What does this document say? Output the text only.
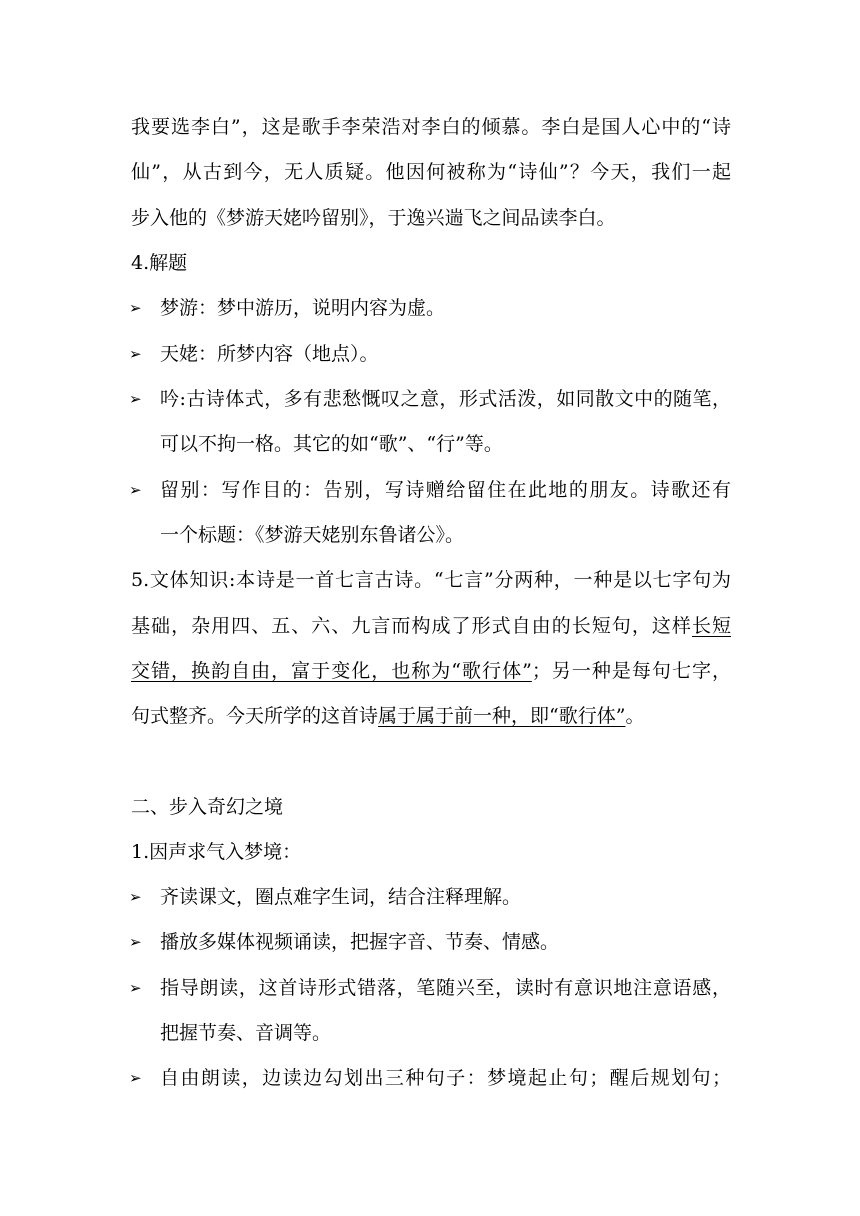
我要选李白”，这是歌手李荣浩对李白的倾慕。李白是国人心中的“诗
仙”，从古到今，无人质疑。他因何被称为“诗仙”？今天，我们一起
步入他的《梦游天姥吟留别》，于逸兴遄飞之间品读李白。
4.解题
➢ 梦游：梦中游历，说明内容为虚。
➢ 天姥：所梦内容（地点）。
➢ 吟:古诗体式，多有悲愁慨叹之意，形式活泼，如同散文中的随笔，
可以不拘一格。其它的如“歌”、“行”等。
➢ 留别：写作目的：告别，写诗赠给留住在此地的朋友。诗歌还有
一个标题：《梦游天姥别东鲁诸公》。
5.文体知识:本诗是一首七言古诗。“七言”分两种，一种是以七字句为
基础，杂用四、五、六、九言而构成了形式自由的长短句，这样长短
交错，换韵自由，富于变化，也称为“歌行体”；另一种是每句七字，
句式整齐。今天所学的这首诗属于属于前一种，即“歌行体”。
二、步入奇幻之境
1.因声求气入梦境：
➢ 齐读课文，圈点难字生词，结合注释理解。
➢ 播放多媒体视频诵读，把握字音、节奏、情感。
➢ 指导朗读，这首诗形式错落，笔随兴至，读时有意识地注意语感，
把握节奏、音调等。
➢ 自由朗读，边读边勾划出三种句子：梦境起止句；醒后规划句；
